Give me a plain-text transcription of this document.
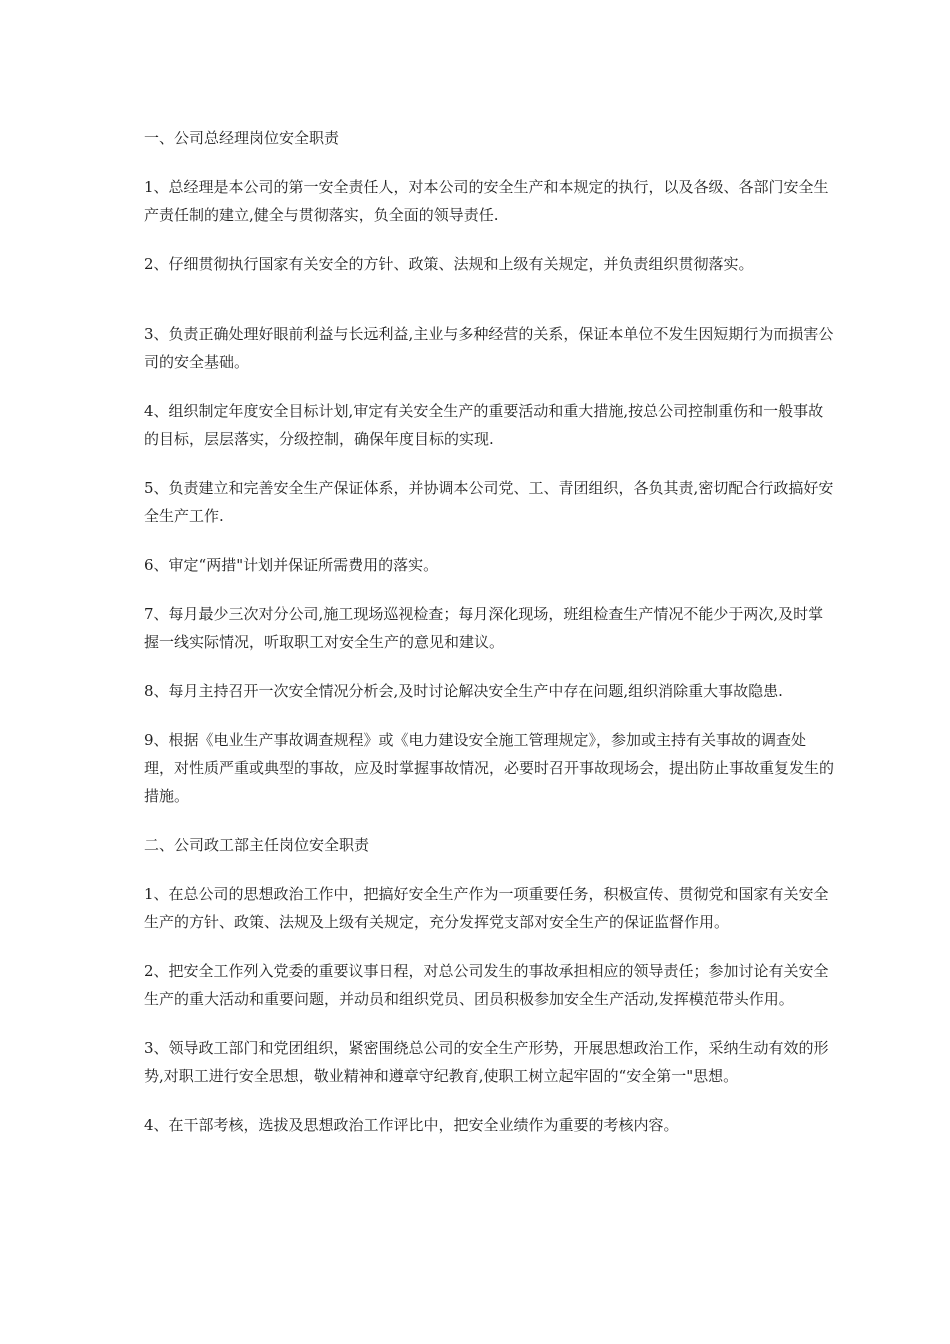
一、公司总经理岗位安全职责

1、总经理是本公司的第一安全责任人，对本公司的安全生产和本规定的执行，以及各级、各部门安全生产责任制的建立,健全与贯彻落实，负全面的领导责任.

2、仔细贯彻执行国家有关安全的方针、政策、法规和上级有关规定，并负责组织贯彻落实。

3、负责正确处理好眼前利益与长远利益,主业与多种经营的关系，保证本单位不发生因短期行为而损害公司的安全基础。

4、组织制定年度安全目标计划,审定有关安全生产的重要活动和重大措施,按总公司控制重伤和一般事故的目标，层层落实，分级控制，确保年度目标的实现.

5、负责建立和完善安全生产保证体系，并协调本公司党、工、青团组织，各负其责,密切配合行政搞好安全生产工作.

6、审定“两措"计划并保证所需费用的落实。

7、每月最少三次对分公司,施工现场巡视检查；每月深化现场，班组检查生产情况不能少于两次,及时掌握一线实际情况，听取职工对安全生产的意见和建议。

8、每月主持召开一次安全情况分析会,及时讨论解决安全生产中存在问题,组织消除重大事故隐患.

9、根据《电业生产事故调查规程》或《电力建设安全施工管理规定》，参加或主持有关事故的调查处理，对性质严重或典型的事故，应及时掌握事故情况，必要时召开事故现场会，提出防止事故重复发生的措施。

二、公司政工部主任岗位安全职责

1、在总公司的思想政治工作中，把搞好安全生产作为一项重要任务，积极宣传、贯彻党和国家有关安全生产的方针、政策、法规及上级有关规定，充分发挥党支部对安全生产的保证监督作用。

2、把安全工作列入党委的重要议事日程，对总公司发生的事故承担相应的领导责任；参加讨论有关安全生产的重大活动和重要问题，并动员和组织党员、团员积极参加安全生产活动,发挥模范带头作用。

3、领导政工部门和党团组织，紧密围绕总公司的安全生产形势，开展思想政治工作，采纳生动有效的形势,对职工进行安全思想，敬业精神和遵章守纪教育,使职工树立起牢固的“安全第一"思想。

4、在干部考核，选拔及思想政治工作评比中，把安全业绩作为重要的考核内容。
